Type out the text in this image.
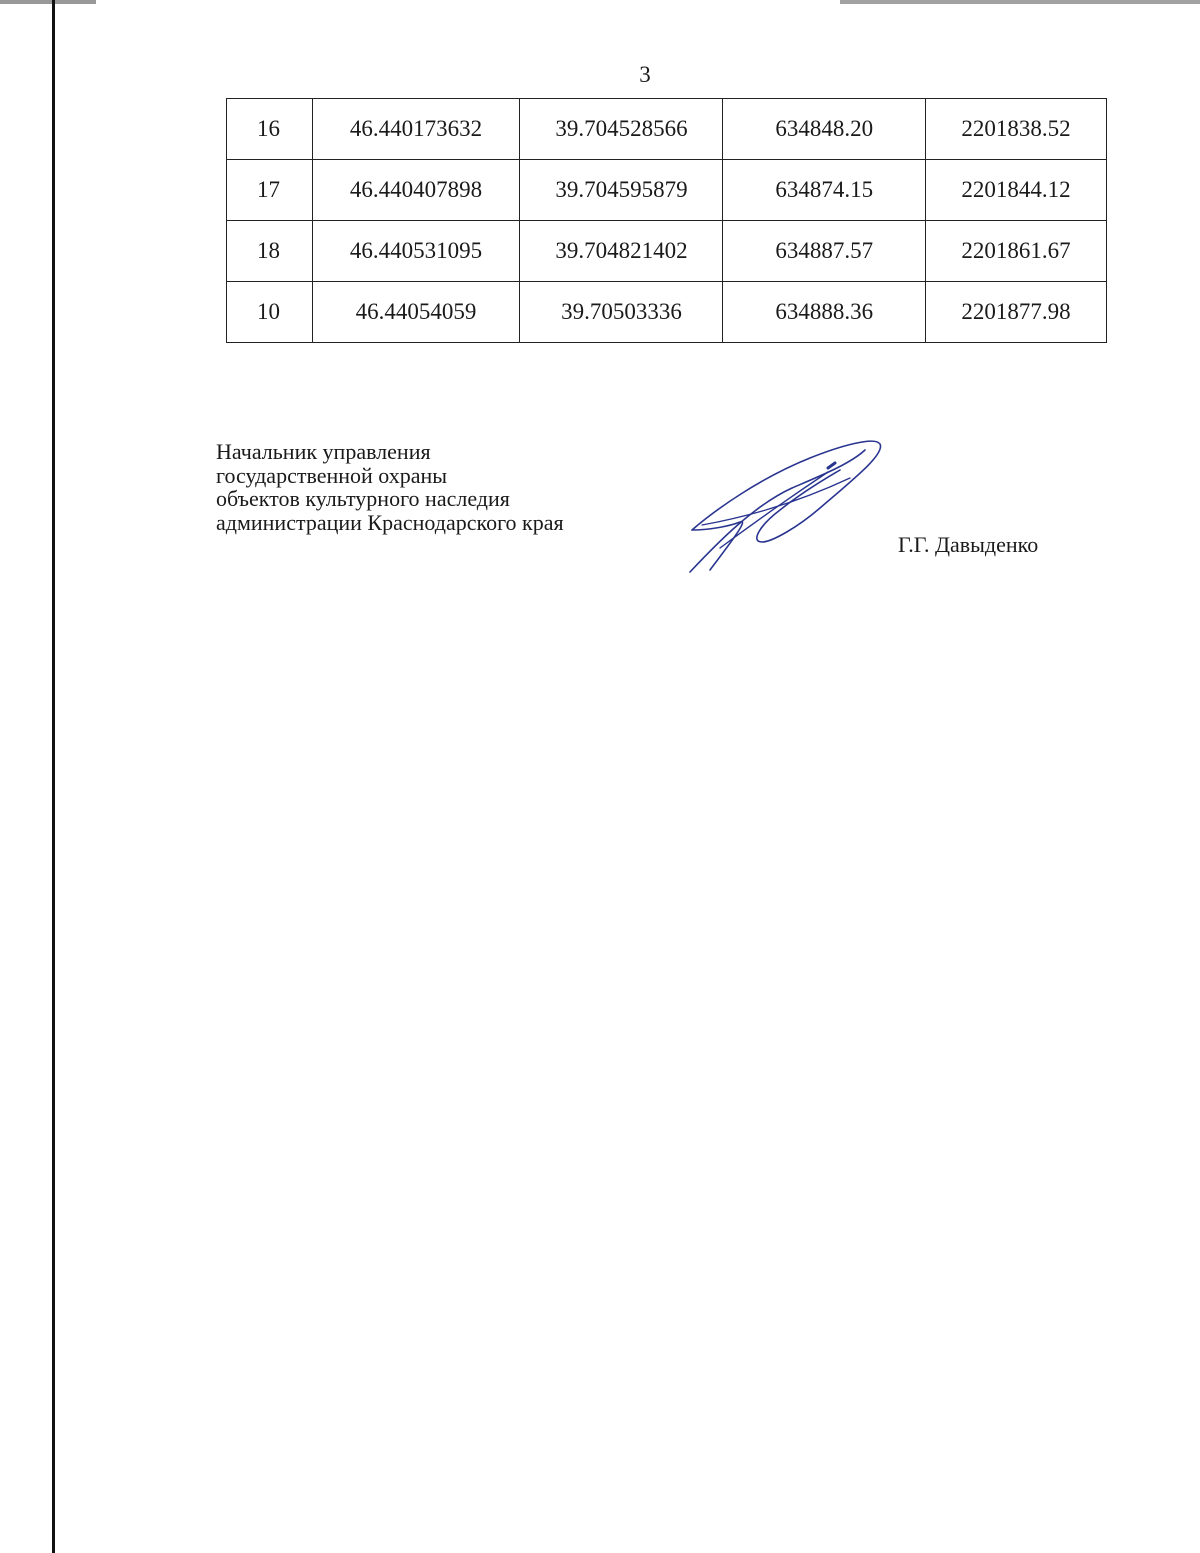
3
16	46.440173632	39.704528566	634848.20	2201838.52
17	46.440407898	39.704595879	634874.15	2201844.12
18	46.440531095	39.704821402	634887.57	2201861.67
10	46.44054059	39.70503336	634888.36	2201877.98
Начальник управления
государственной охраны
объектов культурного наследия
администрации Краснодарского края
Г.Г. Давыденко
